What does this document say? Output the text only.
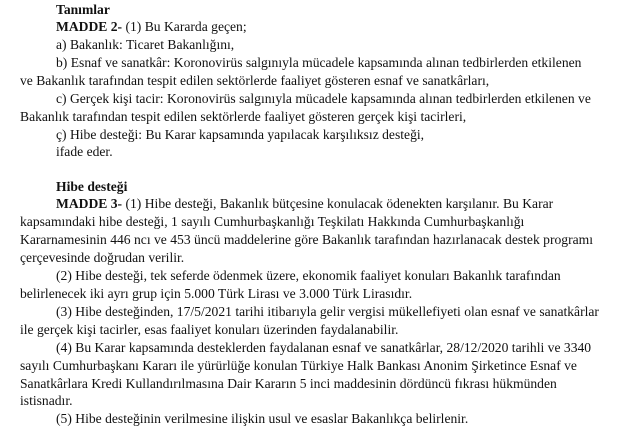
Tanımlar
MADDE 2- (1) Bu Kararda geçen;
a) Bakanlık: Ticaret Bakanlığını,
b) Esnaf ve sanatkâr: Koronovirüs salgınıyla mücadele kapsamında alınan tedbirlerden etkilenen
ve Bakanlık tarafından tespit edilen sektörlerde faaliyet gösteren esnaf ve sanatkârları,
c) Gerçek kişi tacir: Koronovirüs salgınıyla mücadele kapsamında alınan tedbirlerden etkilenen ve
Bakanlık tarafından tespit edilen sektörlerde faaliyet gösteren gerçek kişi tacirleri,
ç) Hibe desteği: Bu Karar kapsamında yapılacak karşılıksız desteği,
ifade eder.
Hibe desteği
MADDE 3- (1) Hibe desteği, Bakanlık bütçesine konulacak ödenekten karşılanır. Bu Karar
kapsamındaki hibe desteği, 1 sayılı Cumhurbaşkanlığı Teşkilatı Hakkında Cumhurbaşkanlığı
Kararnamesinin 446 ncı ve 453 üncü maddelerine göre Bakanlık tarafından hazırlanacak destek programı
çerçevesinde doğrudan verilir.
(2) Hibe desteği, tek seferde ödenmek üzere, ekonomik faaliyet konuları Bakanlık tarafından
belirlenecek iki ayrı grup için 5.000 Türk Lirası ve 3.000 Türk Lirasıdır.
(3) Hibe desteğinden, 17/5/2021 tarihi itibarıyla gelir vergisi mükellefiyeti olan esnaf ve sanatkârlar
ile gerçek kişi tacirler, esas faaliyet konuları üzerinden faydalanabilir.
(4) Bu Karar kapsamında desteklerden faydalanan esnaf ve sanatkârlar, 28/12/2020 tarihli ve 3340
sayılı Cumhurbaşkanı Kararı ile yürürlüğe konulan Türkiye Halk Bankası Anonim Şirketince Esnaf ve
Sanatkârlara Kredi Kullandırılmasına Dair Kararın 5 inci maddesinin dördüncü fıkrası hükmünden
istisnadır.
(5) Hibe desteğinin verilmesine ilişkin usul ve esaslar Bakanlıkça belirlenir.
